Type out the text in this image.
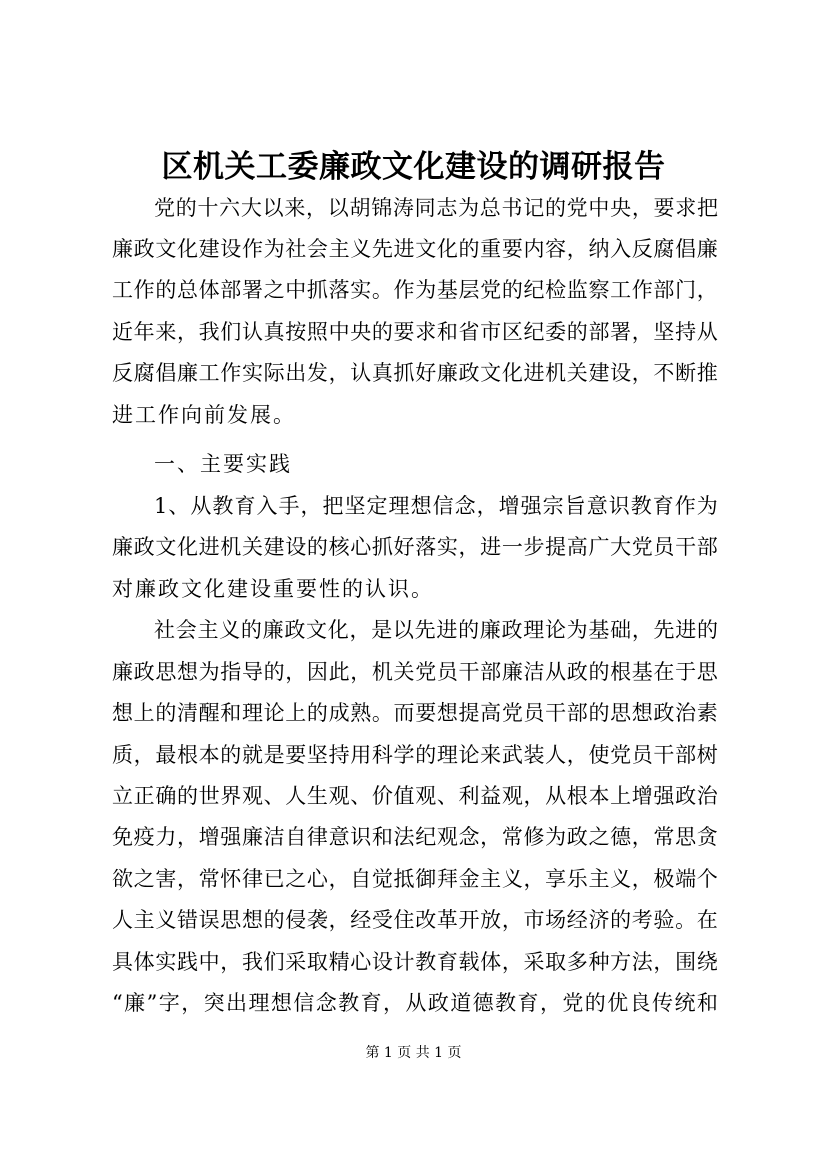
区机关工委廉政文化建设的调研报告
党 的 十 六 大 以 来 ， 以 胡 锦 涛 同 志 为 总 书 记 的 党 中 央 ， 要 求 把
廉 政 文 化 建 设 作 为 社 会 主 义 先 进 文 化 的 重 要 内 容 ， 纳 入 反 腐 倡 廉
工 作 的 总 体 部 署 之 中 抓 落 实 。 作 为 基 层 党 的 纪 检 监 察 工 作 部 门 ，
近 年 来 ， 我 们 认 真 按 照 中 央 的 要 求 和 省 市 区 纪 委 的 部 署 ， 坚 持 从
反 腐 倡 廉 工 作 实 际 出 发 ， 认 真 抓 好 廉 政 文 化 进 机 关 建 设 ， 不 断 推
进 工 作 向 前 发 展 。
一 、 主 要 实 践
1 、 从 教 育 入 手 ， 把 坚 定 理 想 信 念 ， 增 强 宗 旨 意 识 教 育 作 为
廉 政 文 化 进 机 关 建 设 的 核 心 抓 好 落 实 ， 进 一 步 提 高 广 大 党 员 干 部
对 廉 政 文 化 建 设 重 要 性 的 认 识 。
社 会 主 义 的 廉 政 文 化 ， 是 以 先 进 的 廉 政 理 论 为 基 础 ， 先 进 的
廉 政 思 想 为 指 导 的 ， 因 此 ， 机 关 党 员 干 部 廉 洁 从 政 的 根 基 在 于 思
想 上 的 清 醒 和 理 论 上 的 成 熟 。 而 要 想 提 高 党 员 干 部 的 思 想 政 治 素
质 ， 最 根 本 的 就 是 要 坚 持 用 科 学 的 理 论 来 武 装 人 ， 使 党 员 干 部 树
立 正 确 的 世 界 观 、 人 生 观 、 价 值 观 、 利 益 观 ， 从 根 本 上 增 强 政 治
免 疫 力 ， 增 强 廉 洁 自 律 意 识 和 法 纪 观 念 ， 常 修 为 政 之 德 ， 常 思 贪
欲 之 害 ， 常 怀 律 已 之 心 ， 自 觉 抵 御 拜 金 主 义 ， 享 乐 主 义 ， 极 端 个
人 主 义 错 误 思 想 的 侵 袭 ， 经 受 住 改 革 开 放 ， 市 场 经 济 的 考 验 。 在
具 体 实 践 中 ， 我 们 采 取 精 心 设 计 教 育 载 体 ， 采 取 多 种 方 法 ， 围 绕
“ 廉 ” 字 ， 突 出 理 想 信 念 教 育 ， 从 政 道 德 教 育 ， 党 的 优 良 传 统 和
第 1 页 共 1 页
